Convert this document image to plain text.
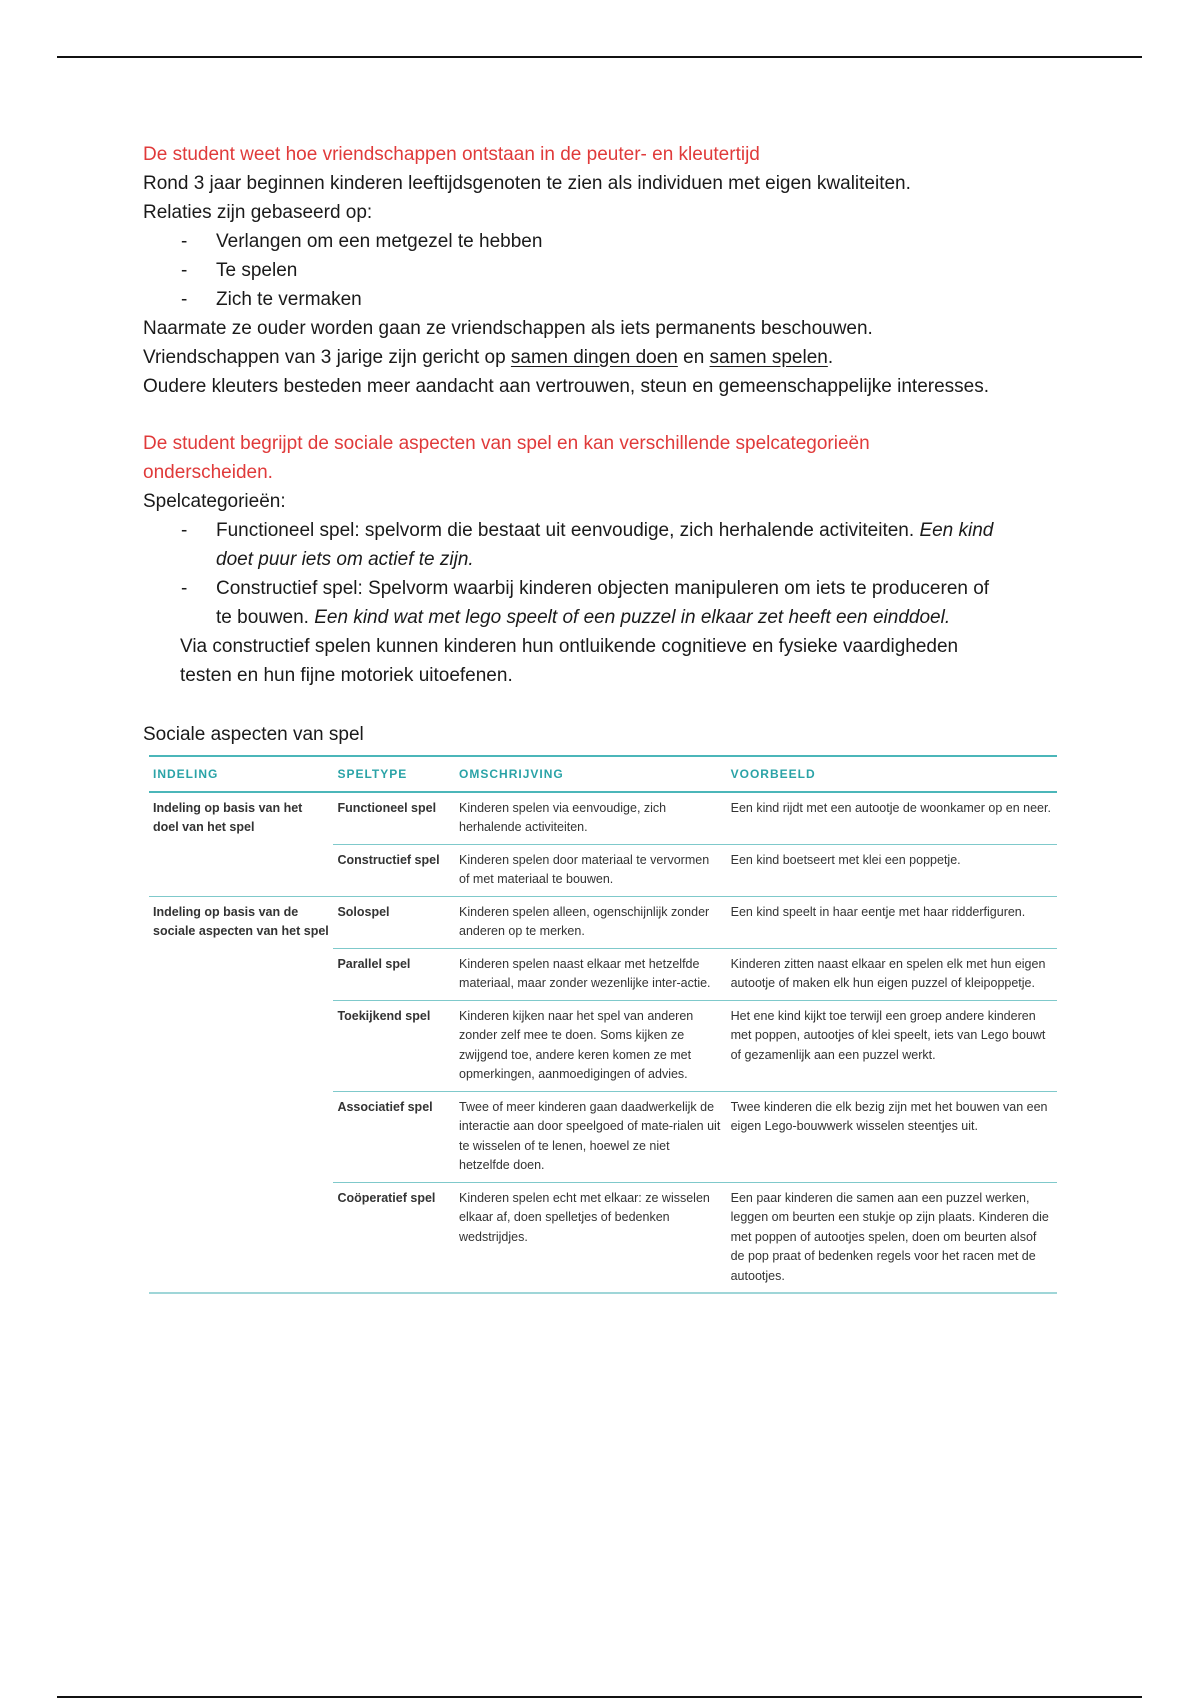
De student weet hoe vriendschappen ontstaan in de peuter- en kleutertijd

Rond 3 jaar beginnen kinderen leeftijdsgenoten te zien als individuen met eigen kwaliteiten.

Relaties zijn gebaseerd op:

- Verlangen om een metgezel te hebben
- Te spelen
- Zich te vermaken

Naarmate ze ouder worden gaan ze vriendschappen als iets permanents beschouwen.

Vriendschappen van 3 jarige zijn gericht op samen dingen doen en samen spelen.

Oudere kleuters besteden meer aandacht aan vertrouwen, steun en gemeenschappelijke interesses.

De student begrijpt de sociale aspecten van spel en kan verschillende spelcategorieën
onderscheiden.

Spelcategorieën:

- Functioneel spel: spelvorm die bestaat uit eenvoudige, zich herhalende activiteiten. Een kind
doet puur iets om actief te zijn.
- Constructief spel: Spelvorm waarbij kinderen objecten manipuleren om iets te produceren of
te bouwen. Een kind wat met lego speelt of een puzzel in elkaar zet heeft een einddoel.

Via constructief spelen kunnen kinderen hun ontluikende cognitieve en fysieke vaardigheden
testen en hun fijne motoriek uitoefenen.

Sociale aspecten van spel

INDELING	SPELTYPE	OMSCHRIJVING	VOORBEELD
Indeling op basis van het doel van het spel	Functioneel spel	Kinderen spelen via eenvoudige, zich herhalende activiteiten.	Een kind rijdt met een autootje de woonkamer op en neer.
	Constructief spel	Kinderen spelen door materiaal te vervormen of met materiaal te bouwen.	Een kind boetseert met klei een poppetje.
Indeling op basis van de sociale aspecten van het spel	Solospel	Kinderen spelen alleen, ogenschijnlijk zonder anderen op te merken.	Een kind speelt in haar eentje met haar ridderfiguren.
	Parallel spel	Kinderen spelen naast elkaar met hetzelfde materiaal, maar zonder wezenlijke inter-actie.	Kinderen zitten naast elkaar en spelen elk met hun eigen autootje of maken elk hun eigen puzzel of kleipoppetje.
	Toekijkend spel	Kinderen kijken naar het spel van anderen zonder zelf mee te doen. Soms kijken ze zwijgend toe, andere keren komen ze met opmerkingen, aanmoedigingen of advies.	Het ene kind kijkt toe terwijl een groep andere kinderen met poppen, autootjes of klei speelt, iets van Lego bouwt of gezamenlijk aan een puzzel werkt.
	Associatief spel	Twee of meer kinderen gaan daadwerkelijk de interactie aan door speelgoed of mate-rialen uit te wisselen of te lenen, hoewel ze niet hetzelfde doen.	Twee kinderen die elk bezig zijn met het bouwen van een eigen Lego-bouwwerk wisselen steentjes uit.
	Coöperatief spel	Kinderen spelen echt met elkaar: ze wisselen elkaar af, doen spelletjes of bedenken wedstrijdjes.	Een paar kinderen die samen aan een puzzel werken, leggen om beurten een stukje op zijn plaats. Kinderen die met poppen of autootjes spelen, doen om beurten alsof de pop praat of bedenken regels voor het racen met de autootjes.
